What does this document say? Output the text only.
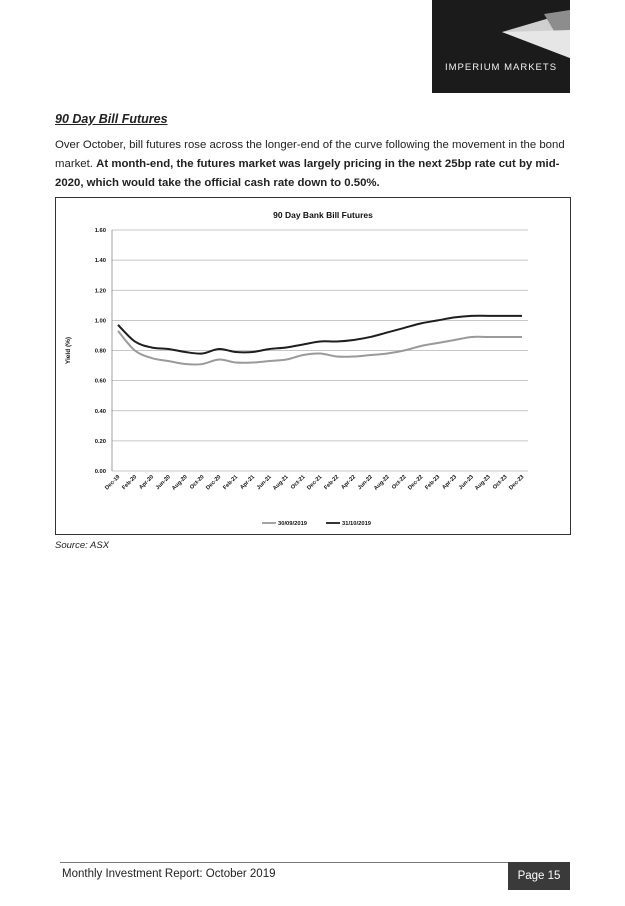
IMPERIUM MARKETS
90 Day Bill Futures
Over October, bill futures rose across the longer-end of the curve following the movement in the bond market. At month-end, the futures market was largely pricing in the next 25bp rate cut by mid-2020, which would take the official cash rate down to 0.50%.
90 Day Bank Bill Futures
Yield (%)
0.00
0.20
0.40
0.60
0.80
1.00
1.20
1.40
1.60
Dec-19 Feb-20 Apr-20 Jun-20 Aug-20 Oct-20 Dec-20 Feb-21 Apr-21 Jun-21 Aug-21 Oct-21 Dec-21 Feb-22 Apr-22 Jun-22 Aug-22 Oct-22 Dec-22 Feb-23 Apr-23 Jun-23 Aug-23 Oct-23 Dec-23
30/09/2019	31/10/2019
Source: ASX
Monthly Investment Report: October 2019	Page 15
